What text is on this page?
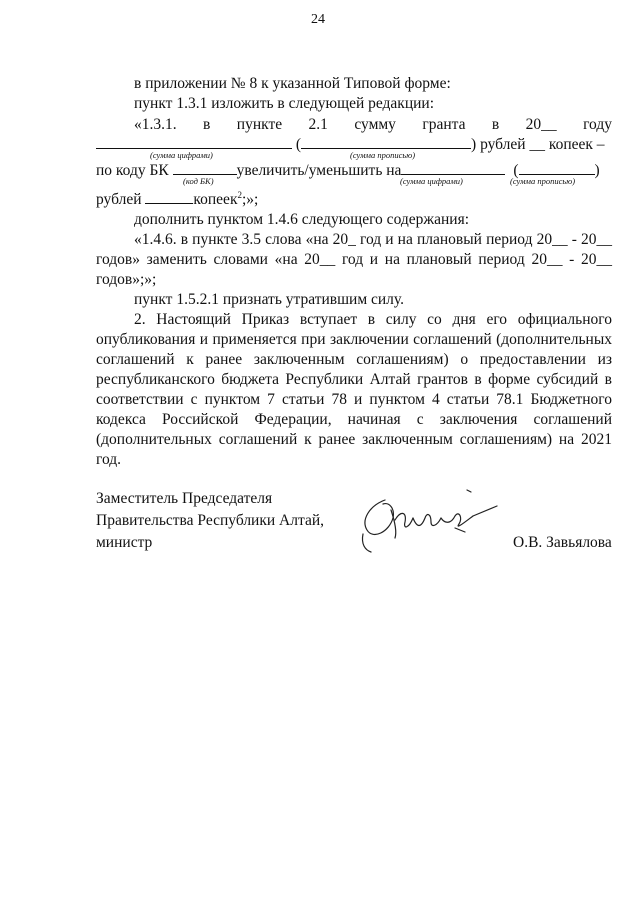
24
в приложении № 8 к указанной Типовой форме:
пункт 1.3.1 изложить в следующей редакции:
«1.3.1. в пункте 2.1 сумму гранта в 20__ году
(	) рублей __ копеек –
(сумма цифрами)	(сумма прописью)
по коду БК	увеличить/уменьшить на	(	)
(код БК)	(сумма цифрами)	(сумма прописью)
рублей	копеек$^2$;»;
дополнить пунктом 1.4.6 следующего содержания:
«1.4.6. в пункте 3.5 слова «на 20_ год и на плановый период 20__ - 20__
годов» заменить словами «на 20__ год и на плановый период 20__ - 20__
годов»;»;
пункт 1.5.2.1 признать утратившим силу.
2. Настоящий Приказ вступает в силу со дня его официального
опубликования и применяется при заключении соглашений (дополнительных
соглашений к ранее заключенным соглашениям) о предоставлении из
республиканского бюджета Республики Алтай грантов в форме субсидий в
соответствии с пунктом 7 статьи 78 и пунктом 4 статьи 78.1 Бюджетного
кодекса Российской Федерации, начиная с заключения соглашений
(дополнительных соглашений к ранее заключенным соглашениям) на 2021
год.
Заместитель Председателя
Правительства Республики Алтай,
министр	О.В. Завьялова
